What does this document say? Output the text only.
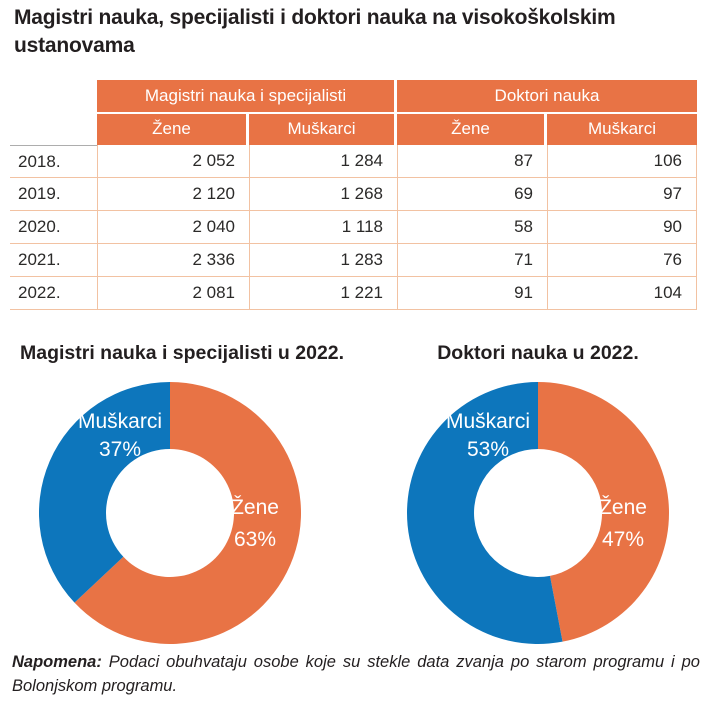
Magistri nauka, specijalisti i doktori nauka na visokoškolskim ustanovama
Magistri nauka i specijalisti	Doktori nauka
Žene	Muškarci	Žene	Muškarci
2018.	2 052	1 284	87	106
2019.	2 120	1 268	69	97
2020.	2 040	1 118	58	90
2021.	2 336	1 283	71	76
2022.	2 081	1 221	91	104
Magistri nauka i specijalisti u 2022.
Muškarci
37%
Žene
63%
Doktori nauka u 2022.
Muškarci
53%
Žene
47%

Napomena: Podaci obuhvataju osobe koje su stekle data zvanja po starom programu i po Bolonjskom programu.
